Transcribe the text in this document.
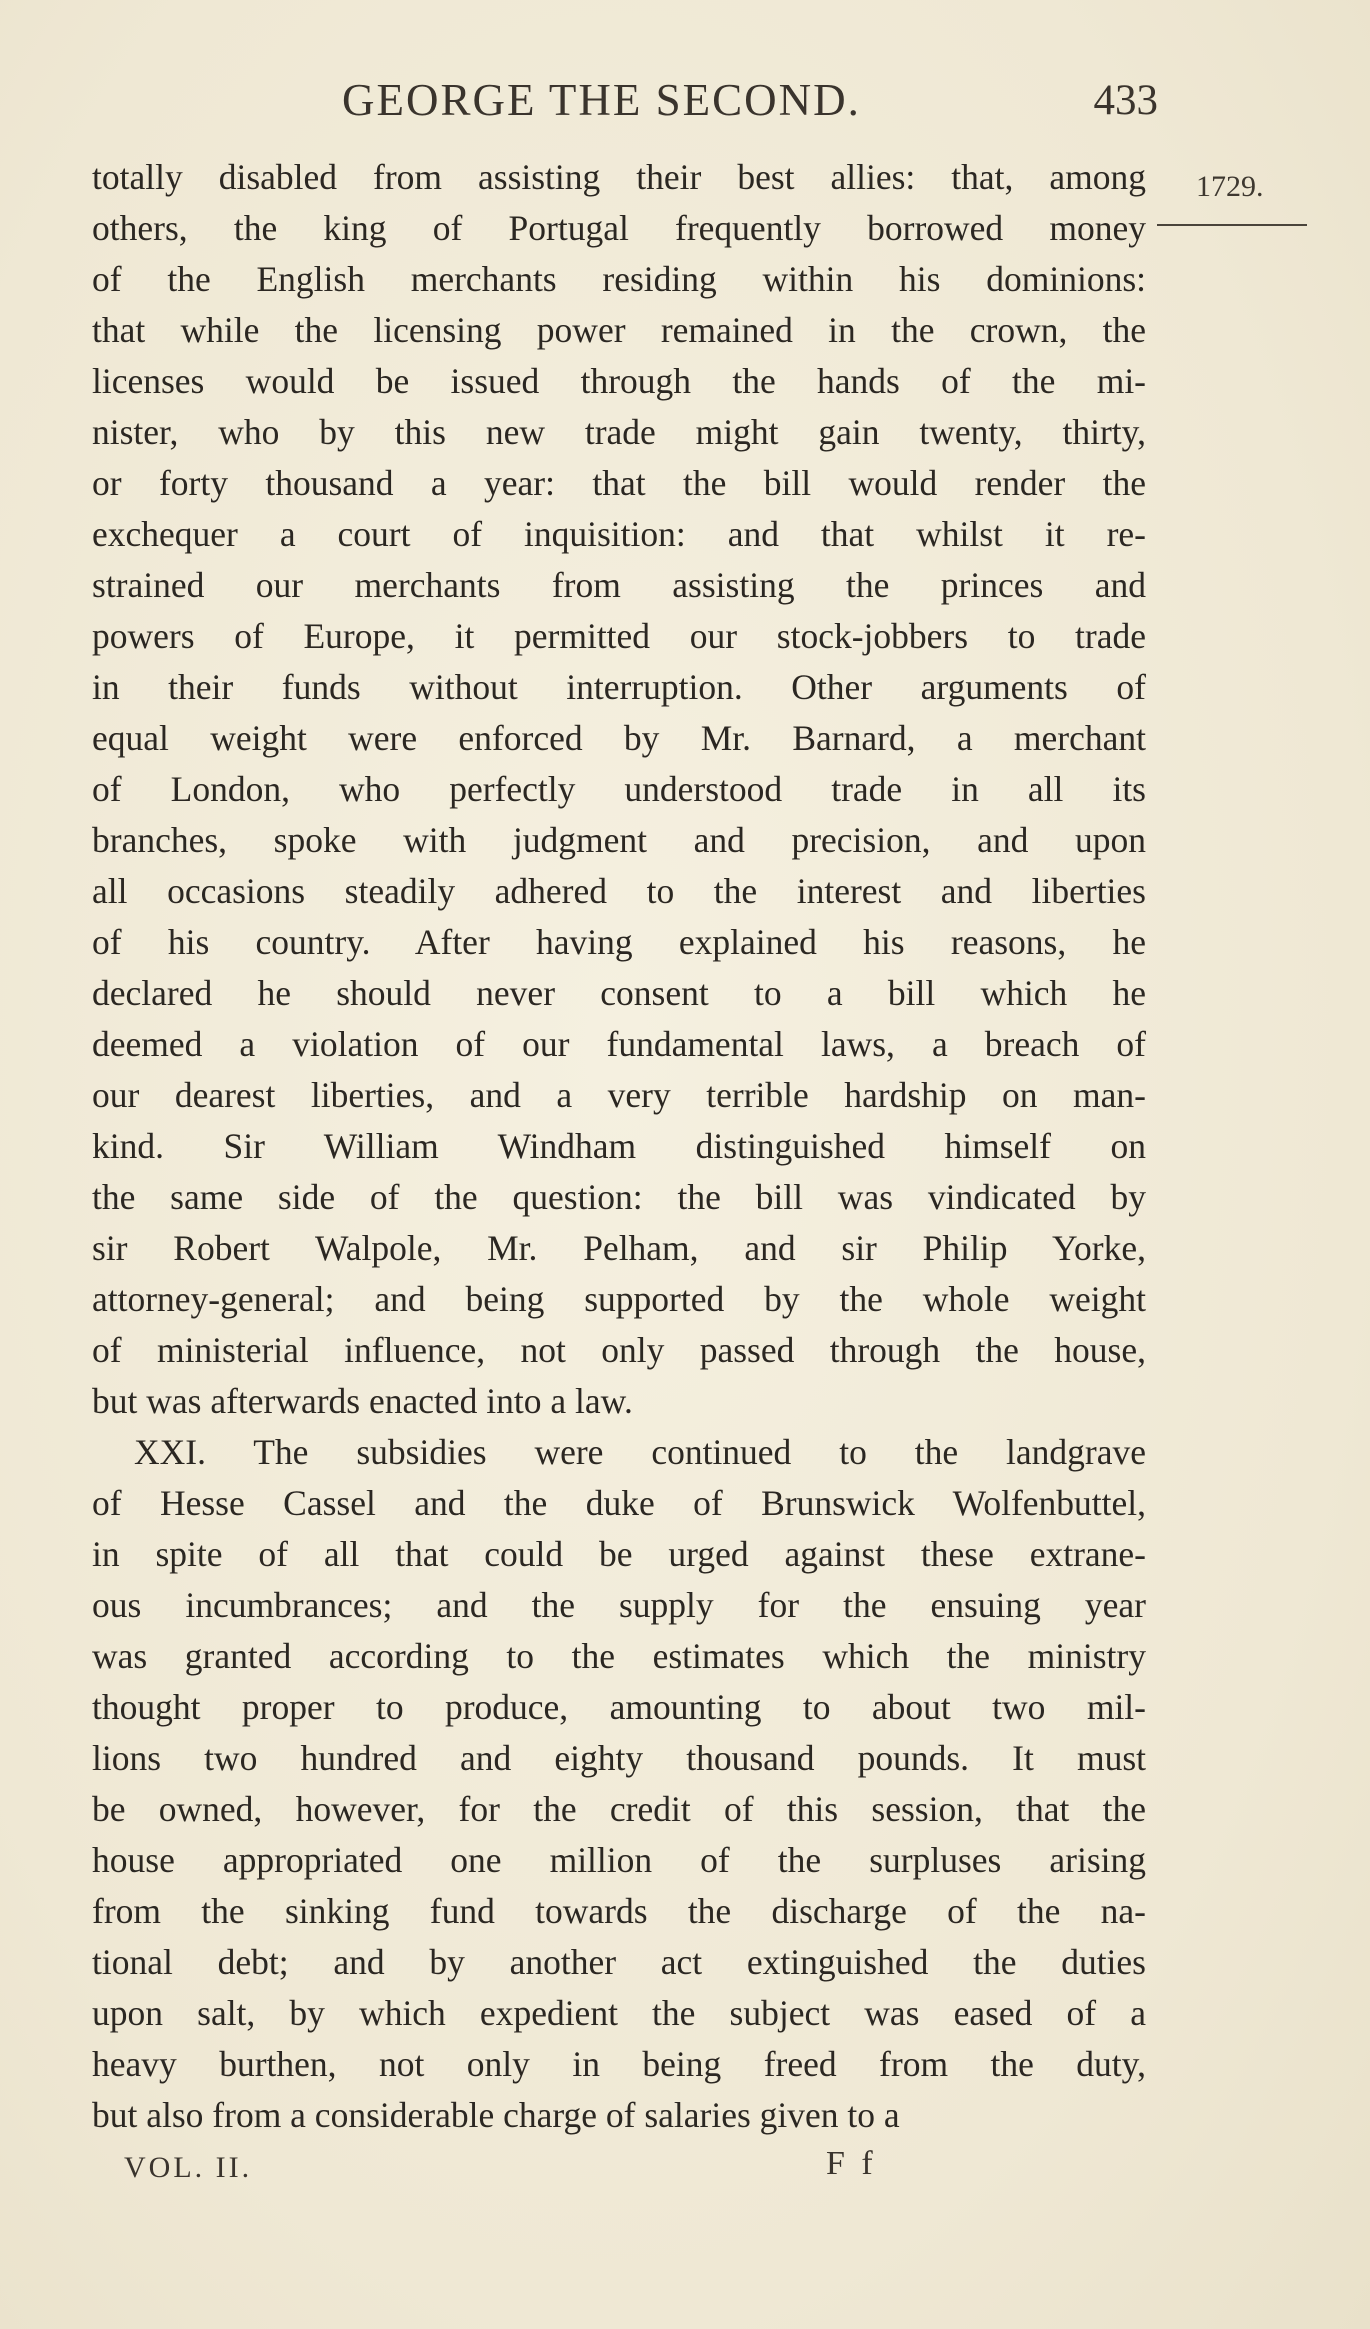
GEORGE THE SECOND.	433
1729.
totally disabled from assisting their best allies: that, among
others, the king of Portugal frequently borrowed money
of the English merchants residing within his dominions:
that while the licensing power remained in the crown, the
licenses would be issued through the hands of the mi-
nister, who by this new trade might gain twenty, thirty,
or forty thousand a year: that the bill would render the
exchequer a court of inquisition: and that whilst it re-
strained our merchants from assisting the princes and
powers of Europe, it permitted our stock-jobbers to trade
in their funds without interruption. Other arguments of
equal weight were enforced by Mr. Barnard, a merchant
of London, who perfectly understood trade in all its
branches, spoke with judgment and precision, and upon
all occasions steadily adhered to the interest and liberties
of his country. After having explained his reasons, he
declared he should never consent to a bill which he
deemed a violation of our fundamental laws, a breach of
our dearest liberties, and a very terrible hardship on man-
kind. Sir William Windham distinguished himself on
the same side of the question: the bill was vindicated by
sir Robert Walpole, Mr. Pelham, and sir Philip Yorke,
attorney-general; and being supported by the whole weight
of ministerial influence, not only passed through the house,
but was afterwards enacted into a law.
XXI. The subsidies were continued to the landgrave
of Hesse Cassel and the duke of Brunswick Wolfenbuttel,
in spite of all that could be urged against these extrane-
ous incumbrances; and the supply for the ensuing year
was granted according to the estimates which the ministry
thought proper to produce, amounting to about two mil-
lions two hundred and eighty thousand pounds. It must
be owned, however, for the credit of this session, that the
house appropriated one million of the surpluses arising
from the sinking fund towards the discharge of the na-
tional debt; and by another act extinguished the duties
upon salt, by which expedient the subject was eased of a
heavy burthen, not only in being freed from the duty,
but also from a considerable charge of salaries given to a
VOL. II.	F f
